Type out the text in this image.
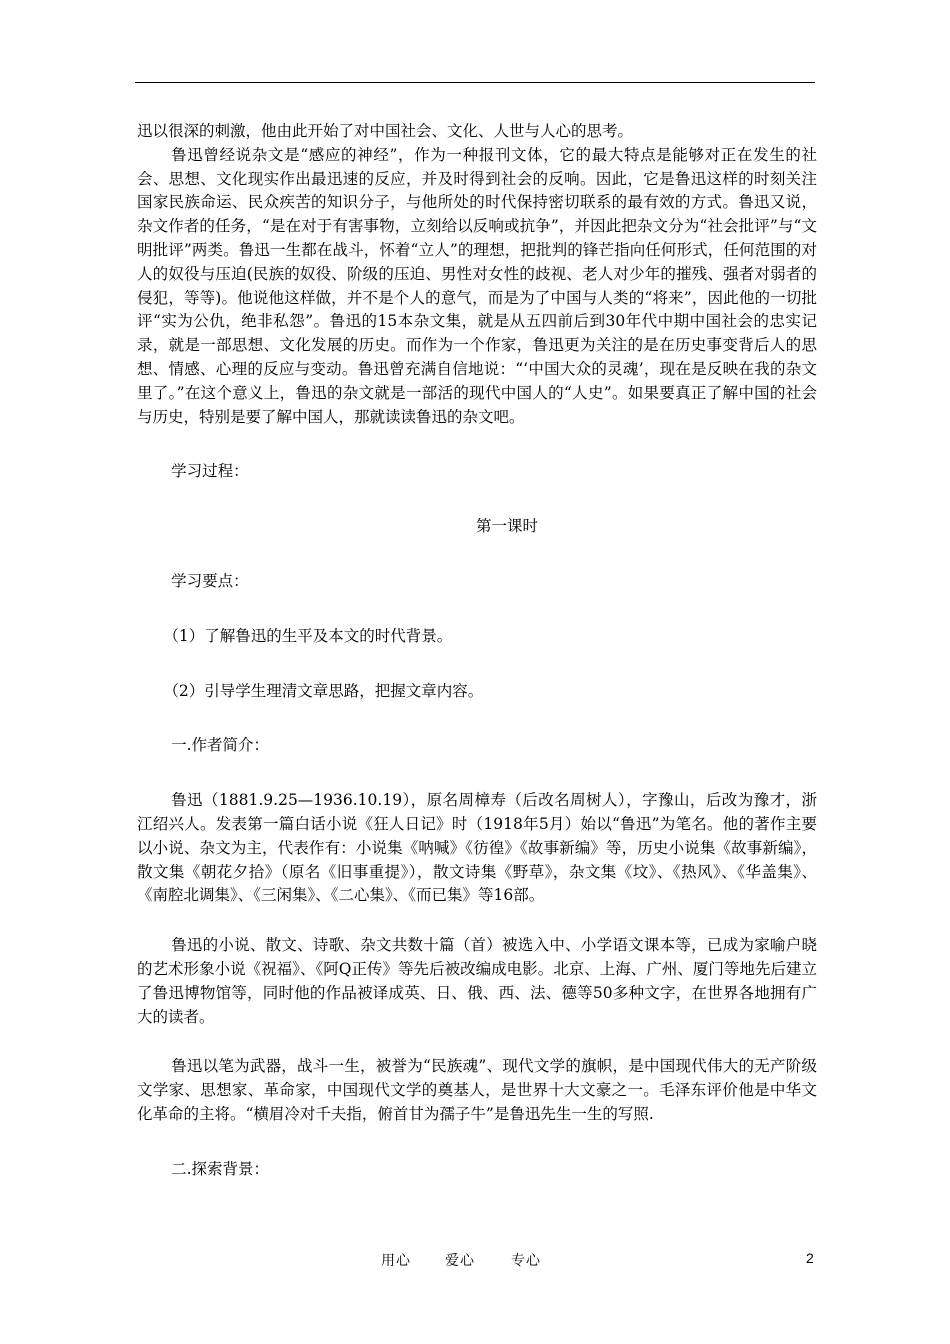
迅以很深的刺激，他由此开始了对中国社会、文化、人世与人心的思考。

鲁迅曾经说杂文是“感应的神经”，作为一种报刊文体，它的最大特点是能够对正在发生的社会、思想、文化现实作出最迅速的反应，并及时得到社会的反响。因此，它是鲁迅这样的时刻关注国家民族命运、民众疾苦的知识分子，与他所处的时代保持密切联系的最有效的方式。鲁迅又说，杂文作者的任务，“是在对于有害事物，立刻给以反响或抗争”，并因此把杂文分为“社会批评”与“文明批评”两类。鲁迅一生都在战斗，怀着“立人”的理想，把批判的锋芒指向任何形式，任何范围的对人的奴役与压迫(民族的奴役、阶级的压迫、男性对女性的歧视、老人对少年的摧残、强者对弱者的侵犯，等等)。他说他这样做，并不是个人的意气，而是为了中国与人类的“将来”，因此他的一切批评“实为公仇，绝非私怨”。鲁迅的15本杂文集，就是从五四前后到30年代中期中国社会的忠实记录，就是一部思想、文化发展的历史。而作为一个作家，鲁迅更为关注的是在历史事变背后人的思想、情感、心理的反应与变动。鲁迅曾充满自信地说：“‘中国大众的灵魂’，现在是反映在我的杂文里了。”在这个意义上，鲁迅的杂文就是一部活的现代中国人的“人史”。如果要真正了解中国的社会与历史，特别是要了解中国人，那就读读鲁迅的杂文吧。

学习过程：

第一课时

学习要点：

（1）了解鲁迅的生平及本文的时代背景。

（2）引导学生理清文章思路，把握文章内容。

一.作者简介：

鲁迅（1881.9.25—1936.10.19），原名周樟寿（后改名周树人），字豫山，后改为豫才，浙江绍兴人。发表第一篇白话小说《狂人日记》时（1918年5月）始以“鲁迅”为笔名。他的著作主要以小说、杂文为主，代表作有：小说集《呐喊》《彷徨》《故事新编》等，历史小说集《故事新编》，散文集《朝花夕拾》（原名《旧事重提》），散文诗集《野草》，杂文集《坟》、《热风》、《华盖集》、《南腔北调集》、《三闲集》、《二心集》、《而已集》等16部。

鲁迅的小说、散文、诗歌、杂文共数十篇（首）被选入中、小学语文课本等，已成为家喻户晓的艺术形象小说《祝福》、《阿Q正传》等先后被改编成电影。北京、上海、广州、厦门等地先后建立了鲁迅博物馆等，同时他的作品被译成英、日、俄、西、法、德等50多种文字，在世界各地拥有广大的读者。

鲁迅以笔为武器，战斗一生，被誉为“民族魂”、现代文学的旗帜，是中国现代伟大的无产阶级文学家、思想家、革命家，中国现代文学的奠基人，是世界十大文豪之一。毛泽东评价他是中华文化革命的主将。“横眉冷对千夫指，俯首甘为孺子牛”是鲁迅先生一生的写照.

二.探索背景：

用心 爱心	专心	2
